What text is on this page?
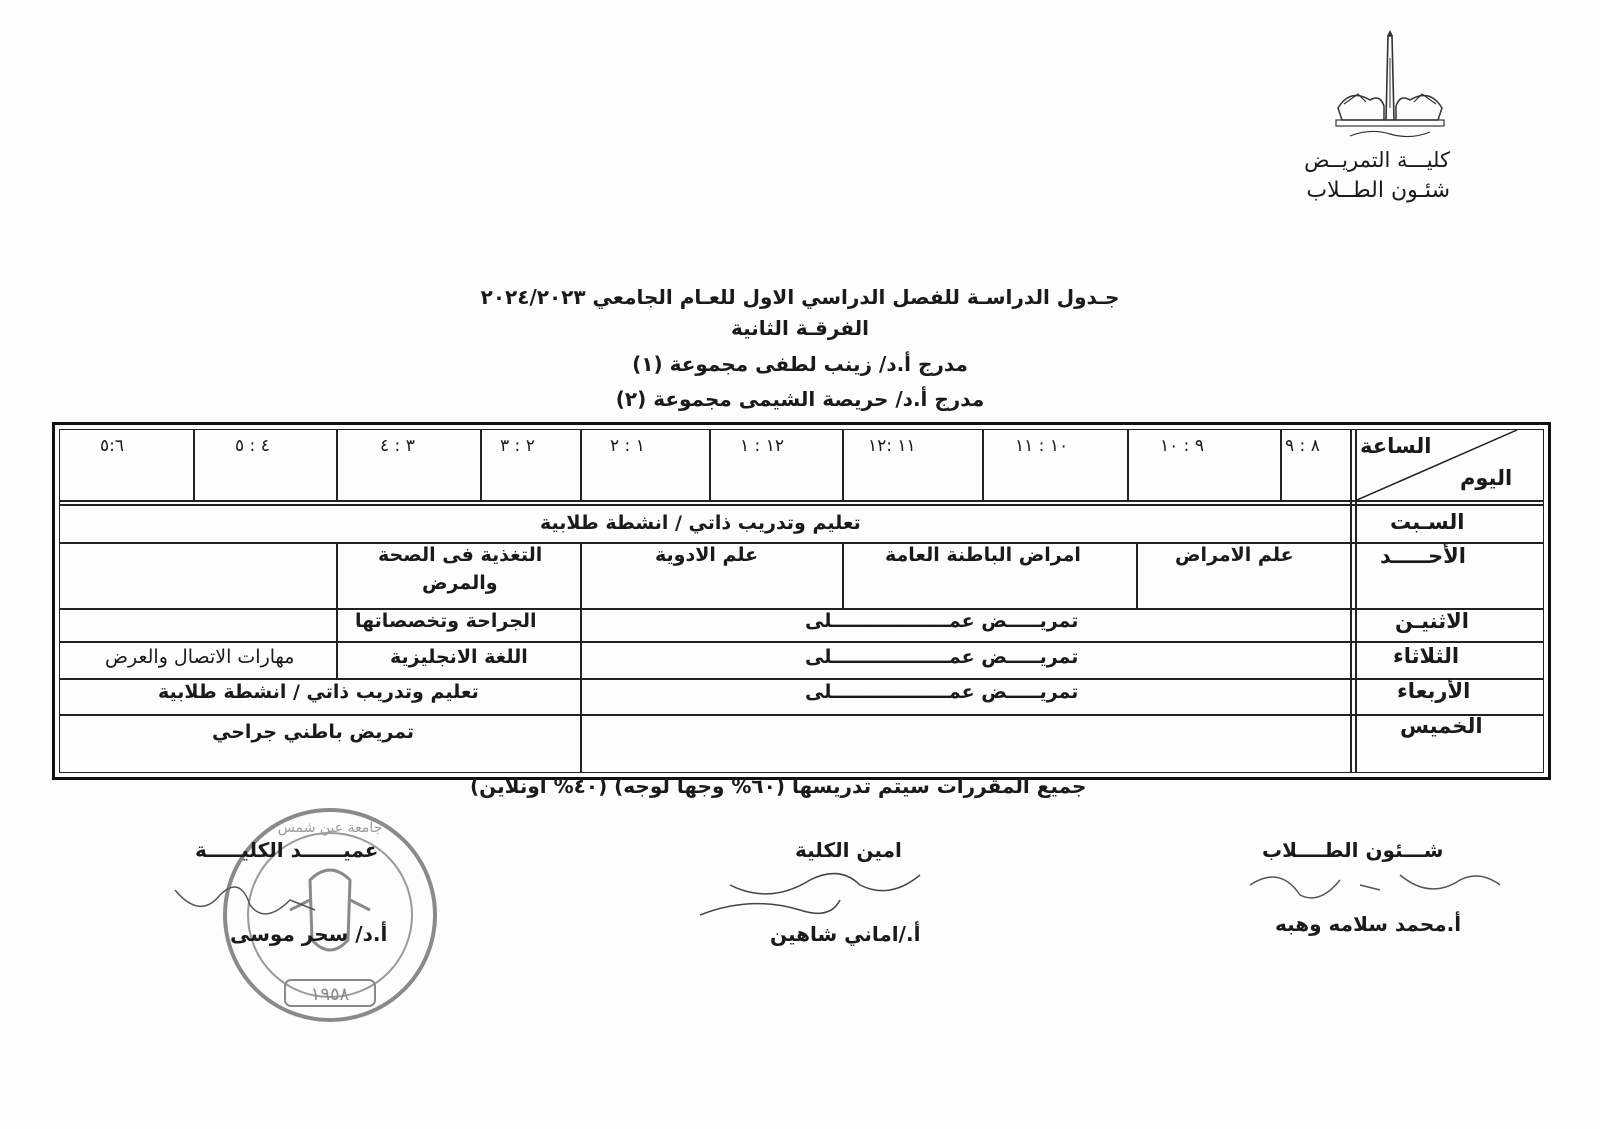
كليـــة التمريــض
شئـون الطــلاب
جـدول الدراسـة للفصل الدراسي الاول للعـام الجامعي ٢٠٢٤/٢٠٢٣
الفرقـة الثانية
مدرج أ.د/ زينب لطفى مجموعة (١)
مدرج أ.د/ حريصة الشيمى مجموعة (٢)
الساعة
اليوم
٨ : ٩
٩ : ١٠
١٠ : ١١
١١ :١٢
١٢ : ١
١ : ٢
٢ : ٣
٣ : ٤
٤ : ٥
٥:٦
السـبت
الأحـــــد
الاثنيـن
الثلاثاء
الأربعاء
الخميس
تعليم وتدريب ذاتي / انشطة طلابية
علم الامراض
امراض الباطنة العامة
علم الادوية
التغذية فى الصحة
والمرض
تمريـــــض عمــــــــــــــــــلى
الجراحة وتخصصاتها
تمريـــــض عمــــــــــــــــــلى
اللغة الانجليزية
مهارات الاتصال والعرض
تمريـــــض عمــــــــــــــــــلى
تعليم وتدريب ذاتي / انشطة طلابية
تمريض باطني جراحي
جميع المقررات سيتم تدريسها (٦٠% وجها لوجه) (٤٠% اونلاين)
١٩٥٨
جامعة عين شمس
عميــــــد الكليـــــة
أ.د/ سحر موسى
امين الكلية
أ./اماني شاهين
شـــئون الطــــلاب
أ.محمد سلامه وهبه
